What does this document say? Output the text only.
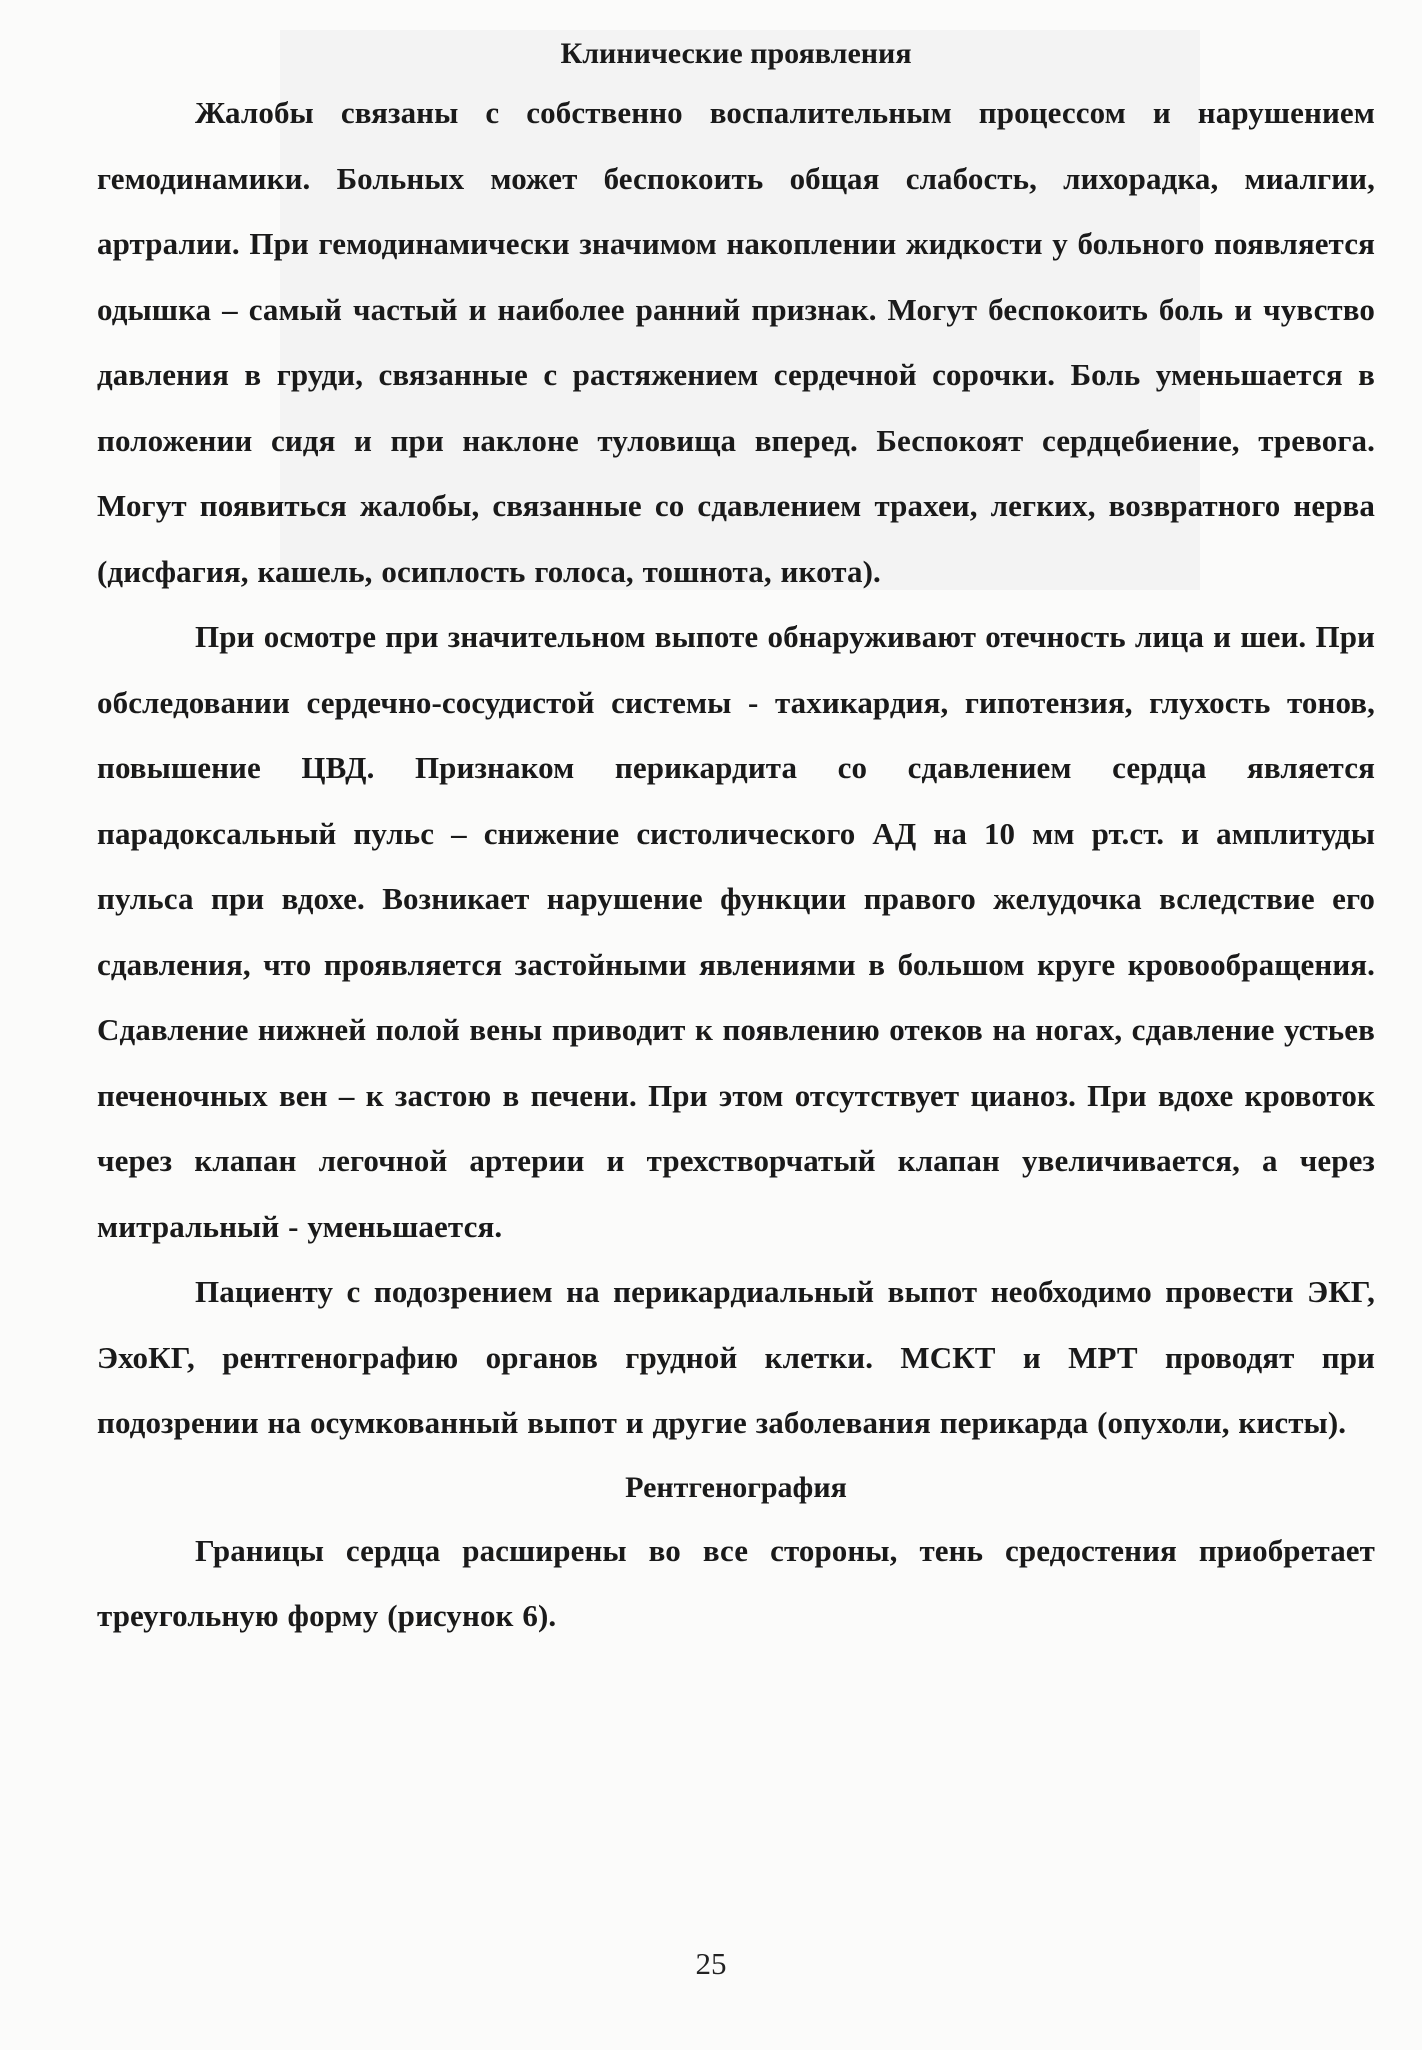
Клинические проявления

Жалобы связаны с собственно воспалительным процессом и нарушением гемодинамики. Больных может беспокоить общая слабость, лихорадка, миалгии, артралии. При гемодинамически значимом накоплении жидкости у больного появляется одышка – самый частый и наиболее ранний признак. Могут беспокоить боль и чувство давления в груди, связанные с растяжением сердечной сорочки. Боль уменьшается в положении сидя и при наклоне туловища вперед. Беспокоят сердцебиение, тревога. Могут появиться жалобы, связанные со сдавлением трахеи, легких, возвратного нерва (дисфагия, кашель, осиплость голоса, тошнота, икота).

При осмотре при значительном выпоте обнаруживают отечность лица и шеи. При обследовании сердечно-сосудистой системы - тахикардия, гипотензия, глухость тонов, повышение ЦВД. Признаком перикардита со сдавлением сердца является парадоксальный пульс – снижение систолического АД на 10 мм рт.ст. и амплитуды пульса при вдохе. Возникает нарушение функции правого желудочка вследствие его сдавления, что проявляется застойными явлениями в большом круге кровообращения. Сдавление нижней полой вены приводит к появлению отеков на ногах, сдавление устьев печеночных вен – к застою в печени. При этом отсутствует цианоз. При вдохе кровоток через клапан легочной артерии и трехстворчатый клапан увеличивается, а через митральный - уменьшается.

Пациенту с подозрением на перикардиальный выпот необходимо провести ЭКГ, ЭхоКГ, рентгенографию органов грудной клетки. МСКТ и МРТ проводят при подозрении на осумкованный выпот и другие заболевания перикарда (опухоли, кисты).

Рентгенография

Границы сердца расширены во все стороны, тень средостения приобретает треугольную форму (рисунок 6).

25
